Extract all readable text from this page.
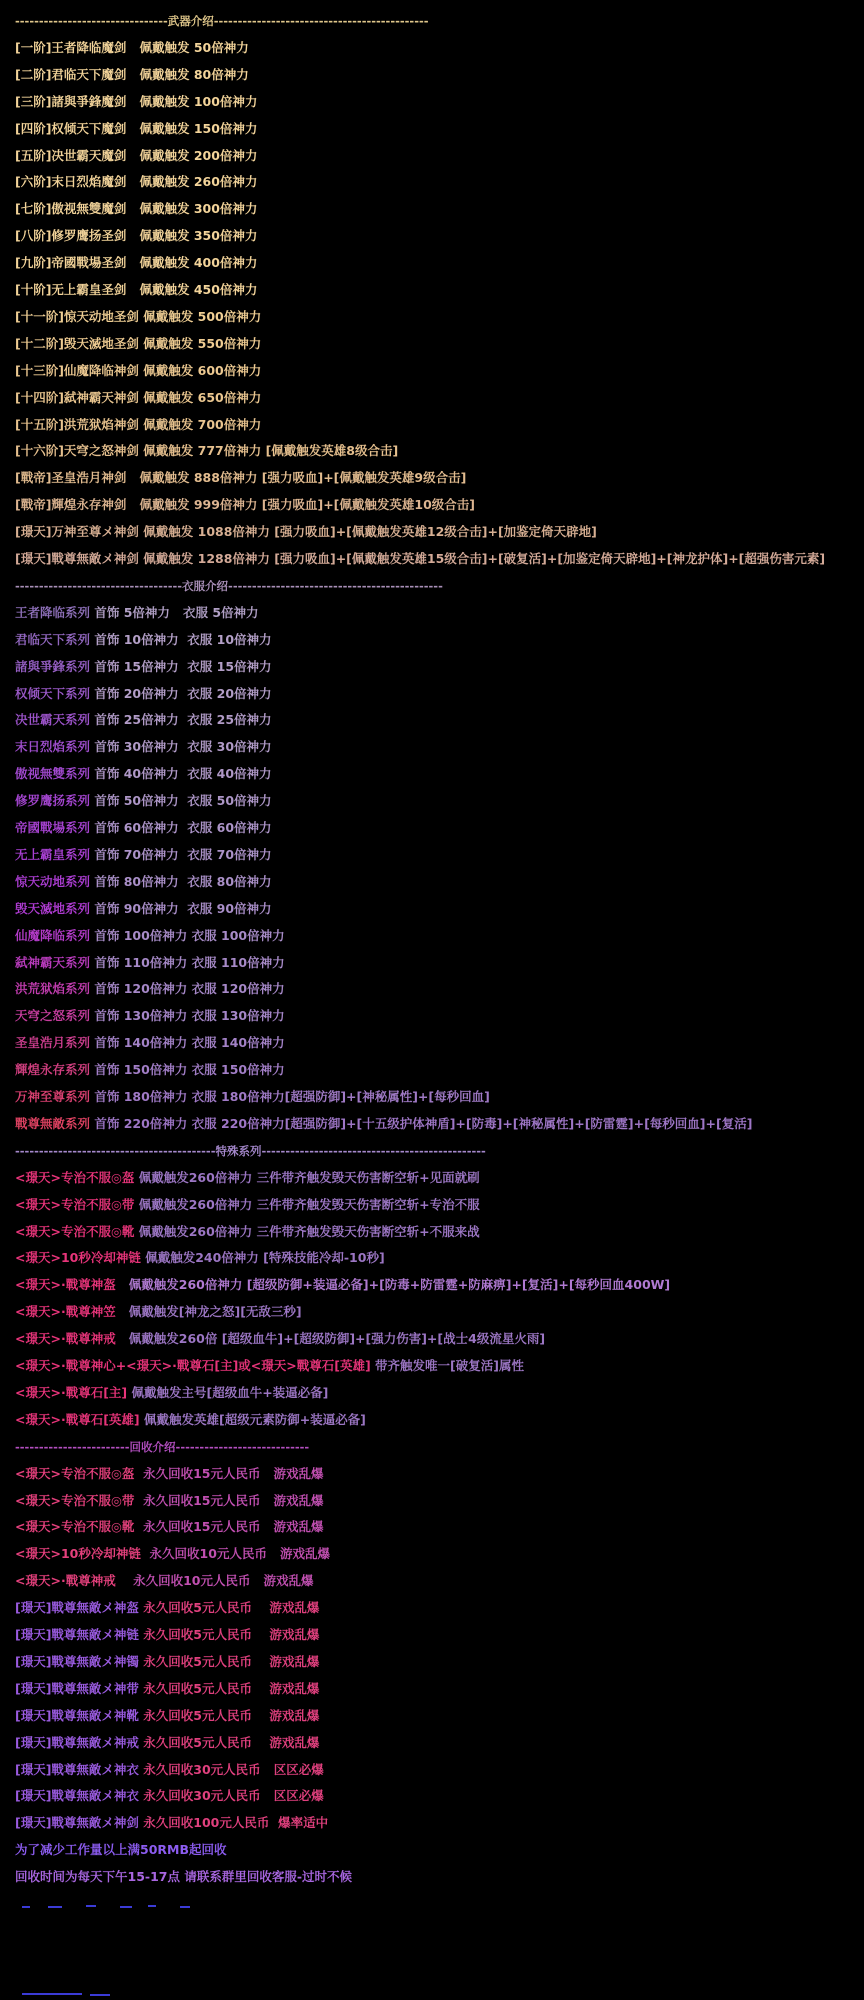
--------------------------------武器介绍---------------------------------------------
[一阶]王者降临魔剑   佩戴触发 50倍神力
[二阶]君临天下魔剑   佩戴触发 80倍神力
[三阶]諸與爭鋒魔剑   佩戴触发 100倍神力
[四阶]权倾天下魔剑   佩戴触发 150倍神力
[五阶]决世霸天魔剑   佩戴触发 200倍神力
[六阶]末日烈焰魔剑   佩戴触发 260倍神力
[七阶]傲视無雙魔剑   佩戴触发 300倍神力
[八阶]修罗鹰扬圣剑   佩戴触发 350倍神力
[九阶]帝國戰場圣剑   佩戴触发 400倍神力
[十阶]无上霸皇圣剑   佩戴触发 450倍神力
[十一阶]惊天动地圣剑 佩戴触发 500倍神力
[十二阶]毁天滅地圣剑 佩戴触发 550倍神力
[十三阶]仙魔降临神剑 佩戴触发 600倍神力
[十四阶]弑神霸天神剑 佩戴触发 650倍神力
[十五阶]洪荒狱焰神剑 佩戴触发 700倍神力
[十六阶]天穹之怒神剑 佩戴触发 777倍神力 [佩戴触发英雄8级合击]
[戰帝]圣皇浩月神剑   佩戴触发 888倍神力 [强力吸血]+[佩戴触发英雄9级合击]
[戰帝]輝煌永存神剑   佩戴触发 999倍神力 [强力吸血]+[佩戴触发英雄10级合击]
[璟天]万神至尊メ神剑 佩戴触发 1088倍神力 [强力吸血]+[佩戴触发英雄12级合击]+[加鉴定倚天辟地]
[璟天]戰尊無敵メ神剑 佩戴触发 1288倍神力 [强力吸血]+[佩戴触发英雄15级合击]+[破复活]+[加鉴定倚天辟地]+[神龙护体]+[超强伤害元素]
-----------------------------------衣服介绍---------------------------------------------
王者降临系列 首饰 5倍神力   衣服 5倍神力
君临天下系列 首饰 10倍神力  衣服 10倍神力
諸與爭鋒系列 首饰 15倍神力  衣服 15倍神力
权倾天下系列 首饰 20倍神力  衣服 20倍神力
决世霸天系列 首饰 25倍神力  衣服 25倍神力
末日烈焰系列 首饰 30倍神力  衣服 30倍神力
傲视無雙系列 首饰 40倍神力  衣服 40倍神力
修罗鹰扬系列 首饰 50倍神力  衣服 50倍神力
帝國戰場系列 首饰 60倍神力  衣服 60倍神力
无上霸皇系列 首饰 70倍神力  衣服 70倍神力
惊天动地系列 首饰 80倍神力  衣服 80倍神力
毁天滅地系列 首饰 90倍神力  衣服 90倍神力
仙魔降临系列 首饰 100倍神力 衣服 100倍神力
弑神霸天系列 首饰 110倍神力 衣服 110倍神力
洪荒狱焰系列 首饰 120倍神力 衣服 120倍神力
天穹之怒系列 首饰 130倍神力 衣服 130倍神力
圣皇浩月系列 首饰 140倍神力 衣服 140倍神力
輝煌永存系列 首饰 150倍神力 衣服 150倍神力
万神至尊系列 首饰 180倍神力 衣服 180倍神力[超强防御]+[神秘属性]+[每秒回血]
戰尊無敵系列 首饰 220倍神力 衣服 220倍神力[超强防御]+[十五级护体神盾]+[防毒]+[神秘属性]+[防雷霆]+[每秒回血]+[复活]
------------------------------------------特殊系列-----------------------------------------------
<璟天>专治不服◎盔 佩戴触发260倍神力 三件带齐触发毁天伤害断空斩+见面就刷
<璟天>专治不服◎带 佩戴触发260倍神力 三件带齐触发毁天伤害断空斩+专治不服
<璟天>专治不服◎靴 佩戴触发260倍神力 三件带齐触发毁天伤害断空斩+不服来战
<璟天>10秒冷却神链 佩戴触发240倍神力 [特殊技能冷却-10秒]
<璟天>·戰尊神盔   佩戴触发260倍神力 [超级防御+装逼必备]+[防毒+防雷霆+防麻痹]+[复活]+[每秒回血400W]
<璟天>·戰尊神笠   佩戴触发[神龙之怒][无敌三秒]
<璟天>·戰尊神戒   佩戴触发260倍 [超级血牛]+[超级防御]+[强力伤害]+[战士4级流星火雨]
<璟天>·戰尊神心+<璟天>·戰尊石[主]或<璟天>戰尊石[英雄] 带齐触发唯一[破复活]属性
<璟天>·戰尊石[主] 佩戴触发主号[超级血牛+装逼必备]
<璟天>·戰尊石[英雄] 佩戴触发英雄[超级元素防御+装逼必备]
------------------------回收介绍----------------------------
<璟天>专治不服◎盔  永久回收15元人民币   游戏乱爆
<璟天>专治不服◎带  永久回收15元人民币   游戏乱爆
<璟天>专治不服◎靴  永久回收15元人民币   游戏乱爆
<璟天>10秒冷却神链  永久回收10元人民币   游戏乱爆
<璟天>·戰尊神戒    永久回收10元人民币   游戏乱爆
[璟天]戰尊無敵メ神盔 永久回收5元人民币    游戏乱爆
[璟天]戰尊無敵メ神链 永久回收5元人民币    游戏乱爆
[璟天]戰尊無敵メ神镯 永久回收5元人民币    游戏乱爆
[璟天]戰尊無敵メ神带 永久回收5元人民币    游戏乱爆
[璟天]戰尊無敵メ神靴 永久回收5元人民币    游戏乱爆
[璟天]戰尊無敵メ神戒 永久回收5元人民币    游戏乱爆
[璟天]戰尊無敵メ神衣 永久回收30元人民币   区区必爆
[璟天]戰尊無敵メ神衣 永久回收30元人民币   区区必爆
[璟天]戰尊無敵メ神剑 永久回收100元人民币  爆率适中
为了减少工作量以上满50RMB起回收
回收时间为每天下午15-17点 请联系群里回收客服-过时不候
